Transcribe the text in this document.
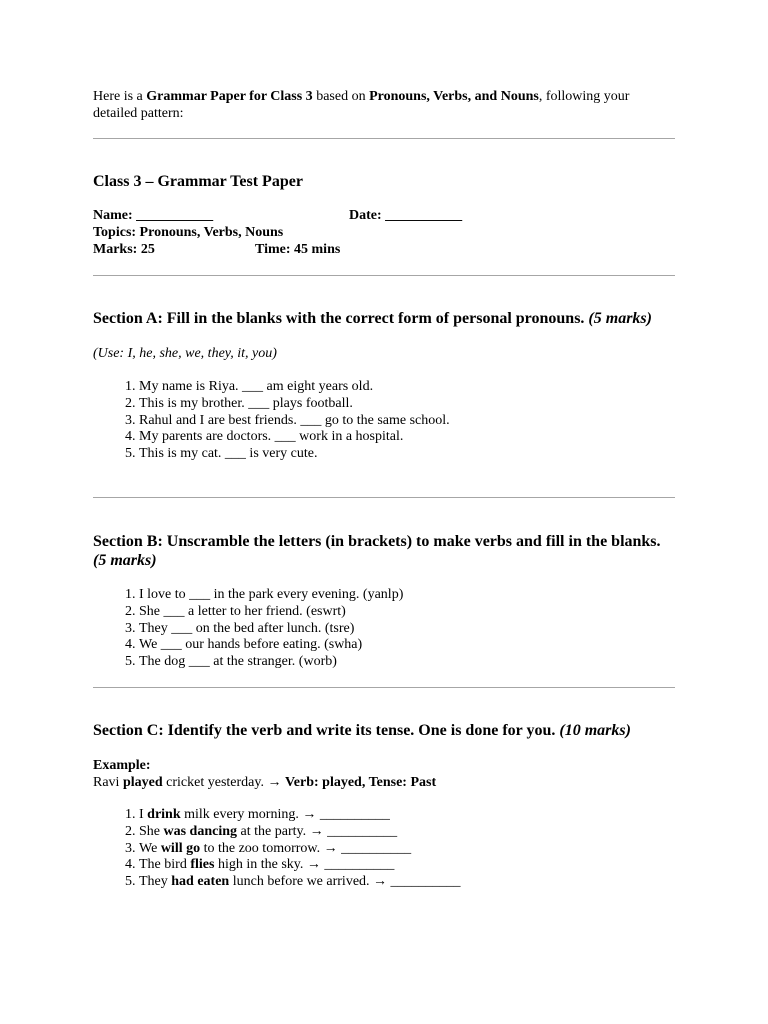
Here is a Grammar Paper for Class 3 based on Pronouns, Verbs, and Nouns, following your detailed pattern:
Class 3 – Grammar Test Paper
Name: ___________	Date: ___________
Topics: Pronouns, Verbs, Nouns
Marks: 25	Time: 45 mins
Section A: Fill in the blanks with the correct form of personal pronouns. (5 marks)
(Use: I, he, she, we, they, it, you)
1. My name is Riya. ___ am eight years old.
2. This is my brother. ___ plays football.
3. Rahul and I are best friends. ___ go to the same school.
4. My parents are doctors. ___ work in a hospital.
5. This is my cat. ___ is very cute.
Section B: Unscramble the letters (in brackets) to make verbs and fill in the blanks. (5 marks)
1. I love to ___ in the park every evening. (yanlp)
2. She ___ a letter to her friend. (eswrt)
3. They ___ on the bed after lunch. (tsre)
4. We ___ our hands before eating. (swha)
5. The dog ___ at the stranger. (worb)
Section C: Identify the verb and write its tense. One is done for you. (10 marks)
Example:
Ravi played cricket yesterday. → Verb: played, Tense: Past
1. I drink milk every morning. → __________
2. She was dancing at the party. → __________
3. We will go to the zoo tomorrow. → __________
4. The bird flies high in the sky. → __________
5. They had eaten lunch before we arrived. → __________
